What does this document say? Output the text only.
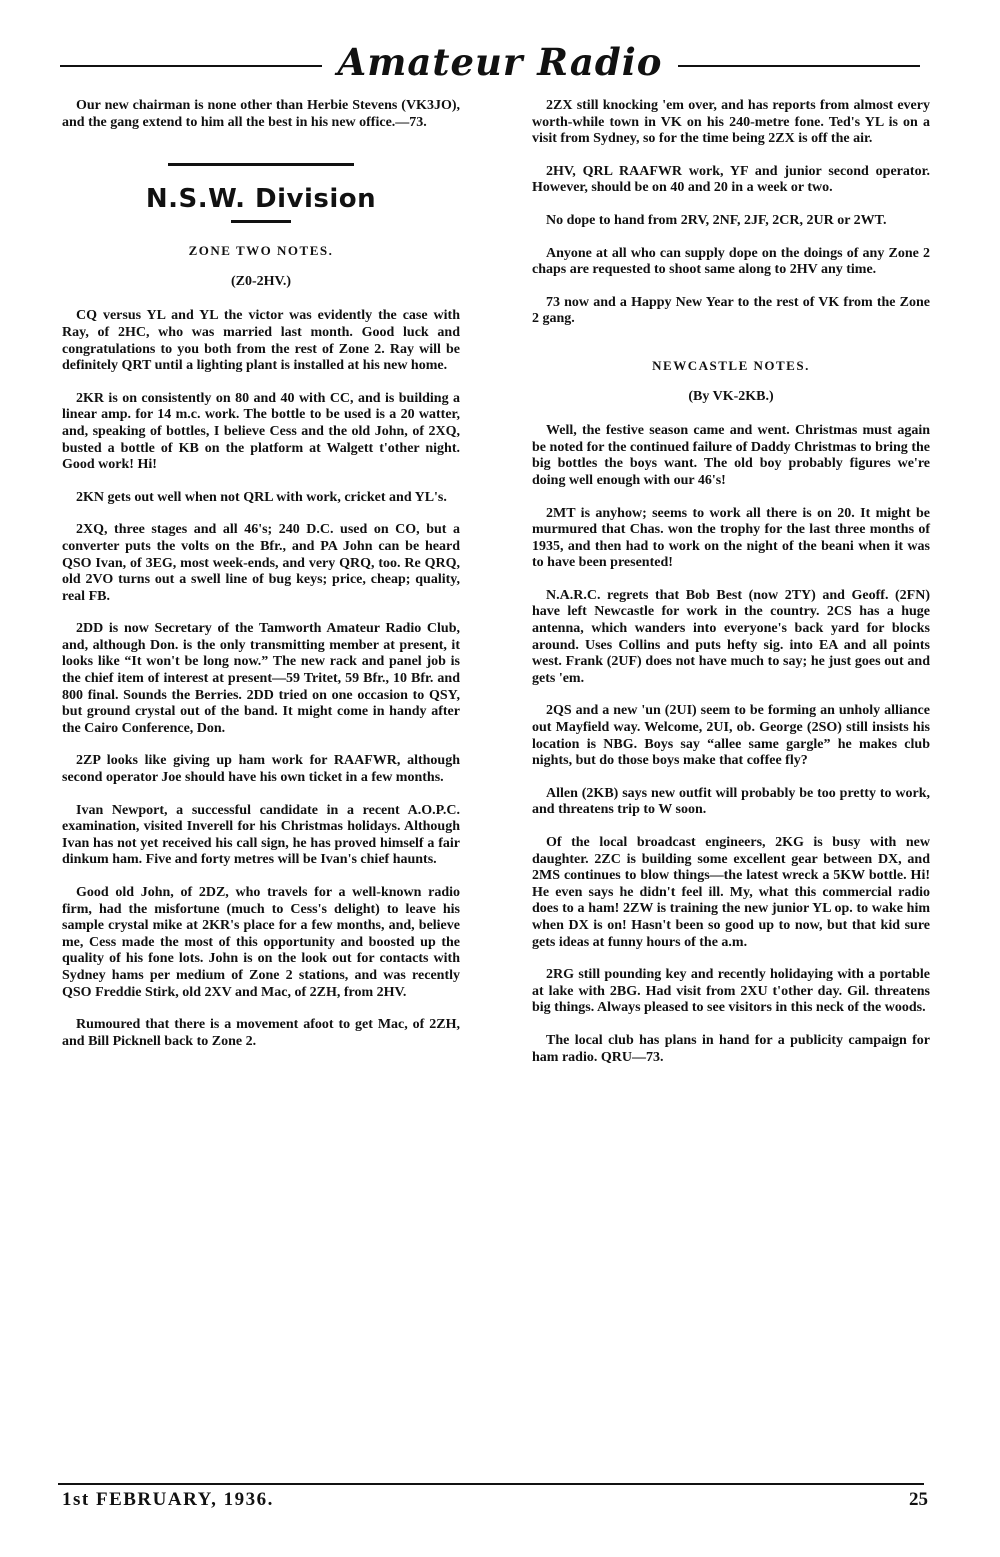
Amateur Radio

Our new chairman is none other than Herbie Stevens (VK3JO), and the gang extend to him all the best in his new office.—73.

N.S.W. Division
ZONE TWO NOTES.
(Z0-2HV.)

CQ versus YL and YL the victor was evidently the case with Ray, of 2HC, who was married last month. Good luck and congratulations to you both from the rest of Zone 2. Ray will be definitely QRT until a lighting plant is installed at his new home.

2KR is on consistently on 80 and 40 with CC, and is building a linear amp. for 14 m.c. work. The bottle to be used is a 20 watter, and, speaking of bottles, I believe Cess and the old John, of 2XQ, busted a bottle of KB on the platform at Walgett t'other night. Good work! Hi!

2KN gets out well when not QRL with work, cricket and YL's.

2XQ, three stages and all 46's; 240 D.C. used on CO, but a converter puts the volts on the Bfr., and PA John can be heard QSO Ivan, of 3EG, most week-ends, and very QRQ, too. Re QRQ, old 2VO turns out a swell line of bug keys; price, cheap; quality, real FB.

2DD is now Secretary of the Tamworth Amateur Radio Club, and, although Don. is the only transmitting member at present, it looks like “It won't be long now.” The new rack and panel job is the chief item of interest at present—59 Tritet, 59 Bfr., 10 Bfr. and 800 final. Sounds the Berries. 2DD tried on one occasion to QSY, but ground crystal out of the band. It might come in handy after the Cairo Conference, Don.

2ZP looks like giving up ham work for RAAFWR, although second operator Joe should have his own ticket in a few months.

Ivan Newport, a successful candidate in a recent A.O.P.C. examination, visited Inverell for his Christmas holidays. Although Ivan has not yet received his call sign, he has proved himself a fair dinkum ham. Five and forty metres will be Ivan's chief haunts.

Good old John, of 2DZ, who travels for a well-known radio firm, had the misfortune (much to Cess's delight) to leave his sample crystal mike at 2KR's place for a few months, and, believe me, Cess made the most of this opportunity and boosted up the quality of his fone lots. John is on the look out for contacts with Sydney hams per medium of Zone 2 stations, and was recently QSO Freddie Stirk, old 2XV and Mac, of 2ZH, from 2HV.

Rumoured that there is a movement afoot to get Mac, of 2ZH, and Bill Picknell back to Zone 2.

2ZX still knocking 'em over, and has reports from almost every worth-while town in VK on his 240-metre fone. Ted's YL is on a visit from Sydney, so for the time being 2ZX is off the air.

2HV, QRL RAAFWR work, YF and junior second operator. However, should be on 40 and 20 in a week or two.

No dope to hand from 2RV, 2NF, 2JF, 2CR, 2UR or 2WT.

Anyone at all who can supply dope on the doings of any Zone 2 chaps are requested to shoot same along to 2HV any time.

73 now and a Happy New Year to the rest of VK from the Zone 2 gang.

NEWCASTLE NOTES.
(By VK-2KB.)

Well, the festive season came and went. Christmas must again be noted for the continued failure of Daddy Christmas to bring the big bottles the boys want. The old boy probably figures we're doing well enough with our 46's!

2MT is anyhow; seems to work all there is on 20. It might be murmured that Chas. won the trophy for the last three months of 1935, and then had to work on the night of the beani when it was to have been presented!

N.A.R.C. regrets that Bob Best (now 2TY) and Geoff. (2FN) have left Newcastle for work in the country. 2CS has a huge antenna, which wanders into everyone's back yard for blocks around. Uses Collins and puts hefty sig. into EA and all points west. Frank (2UF) does not have much to say; he just goes out and gets 'em.

2QS and a new 'un (2UI) seem to be forming an unholy alliance out Mayfield way. Welcome, 2UI, ob. George (2SO) still insists his location is NBG. Boys say “allee same gargle” he makes club nights, but do those boys make that coffee fly?

Allen (2KB) says new outfit will probably be too pretty to work, and threatens trip to W soon.

Of the local broadcast engineers, 2KG is busy with new daughter. 2ZC is building some excellent gear between DX, and 2MS continues to blow things—the latest wreck a 5KW bottle. Hi! He even says he didn't feel ill. My, what this commercial radio does to a ham! 2ZW is training the new junior YL op. to wake him when DX is on! Hasn't been so good up to now, but that kid sure gets ideas at funny hours of the a.m.

2RG still pounding key and recently holidaying with a portable at lake with 2BG. Had visit from 2XU t'other day. Gil. threatens big things. Always pleased to see visitors in this neck of the woods.

The local club has plans in hand for a publicity campaign for ham radio. QRU—73.

1st FEBRUARY, 1936.	25
